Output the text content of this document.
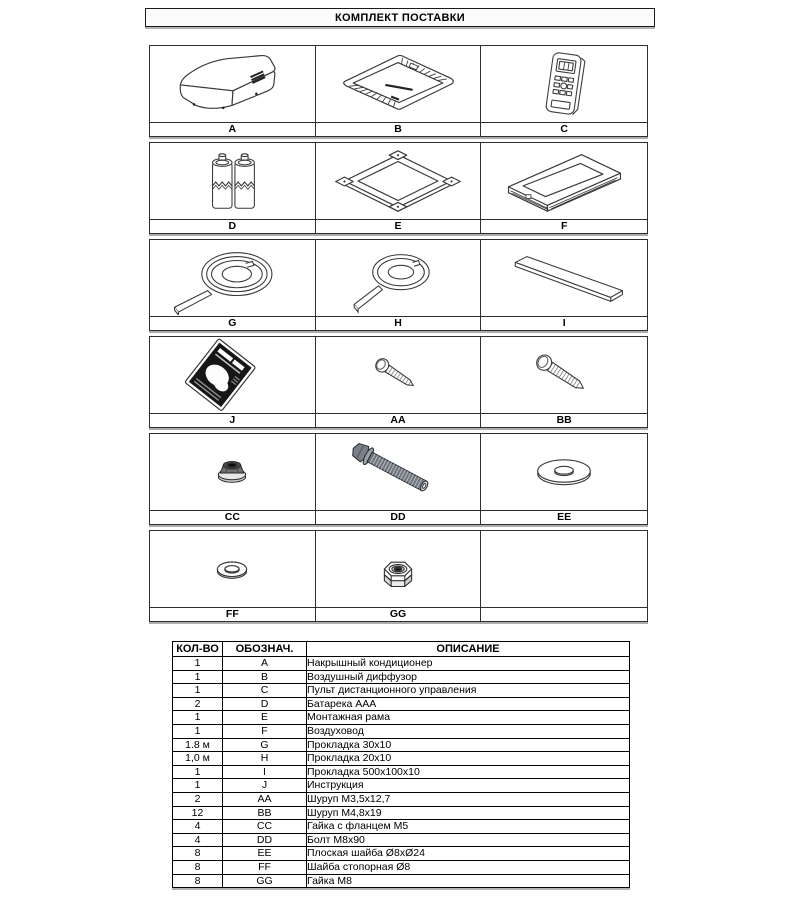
КОМПЛЕКТ ПОСТАВКИ
A	B	C
D	E	F
G	H	I
J	AA	BB
CC	DD	EE
FF	GG
КОЛ-ВО	ОБОЗНАЧ.	ОПИСАНИЕ
1	A	Накрышный кондиционер
1	B	Воздушный диффузор
1	C	Пульт дистанционного управления
2	D	Батарека ААА
1	E	Монтажная рама
1	F	Воздуховод
1.8 м	G	Прокладка 30x10
1,0 м	H	Прокладка 20x10
1	I	Прокладка 500x100x10
1	J	Инструкция
2	AA	Шуруп M3,5x12,7
12	BB	Шуруп M4,8x19
4	CC	Гайка с фланцем M5
4	DD	Болт M8x90
8	EE	Плоская шайба Ø8xØ24
8	FF	Шайба стопорная Ø8
8	GG	Гайка M8
